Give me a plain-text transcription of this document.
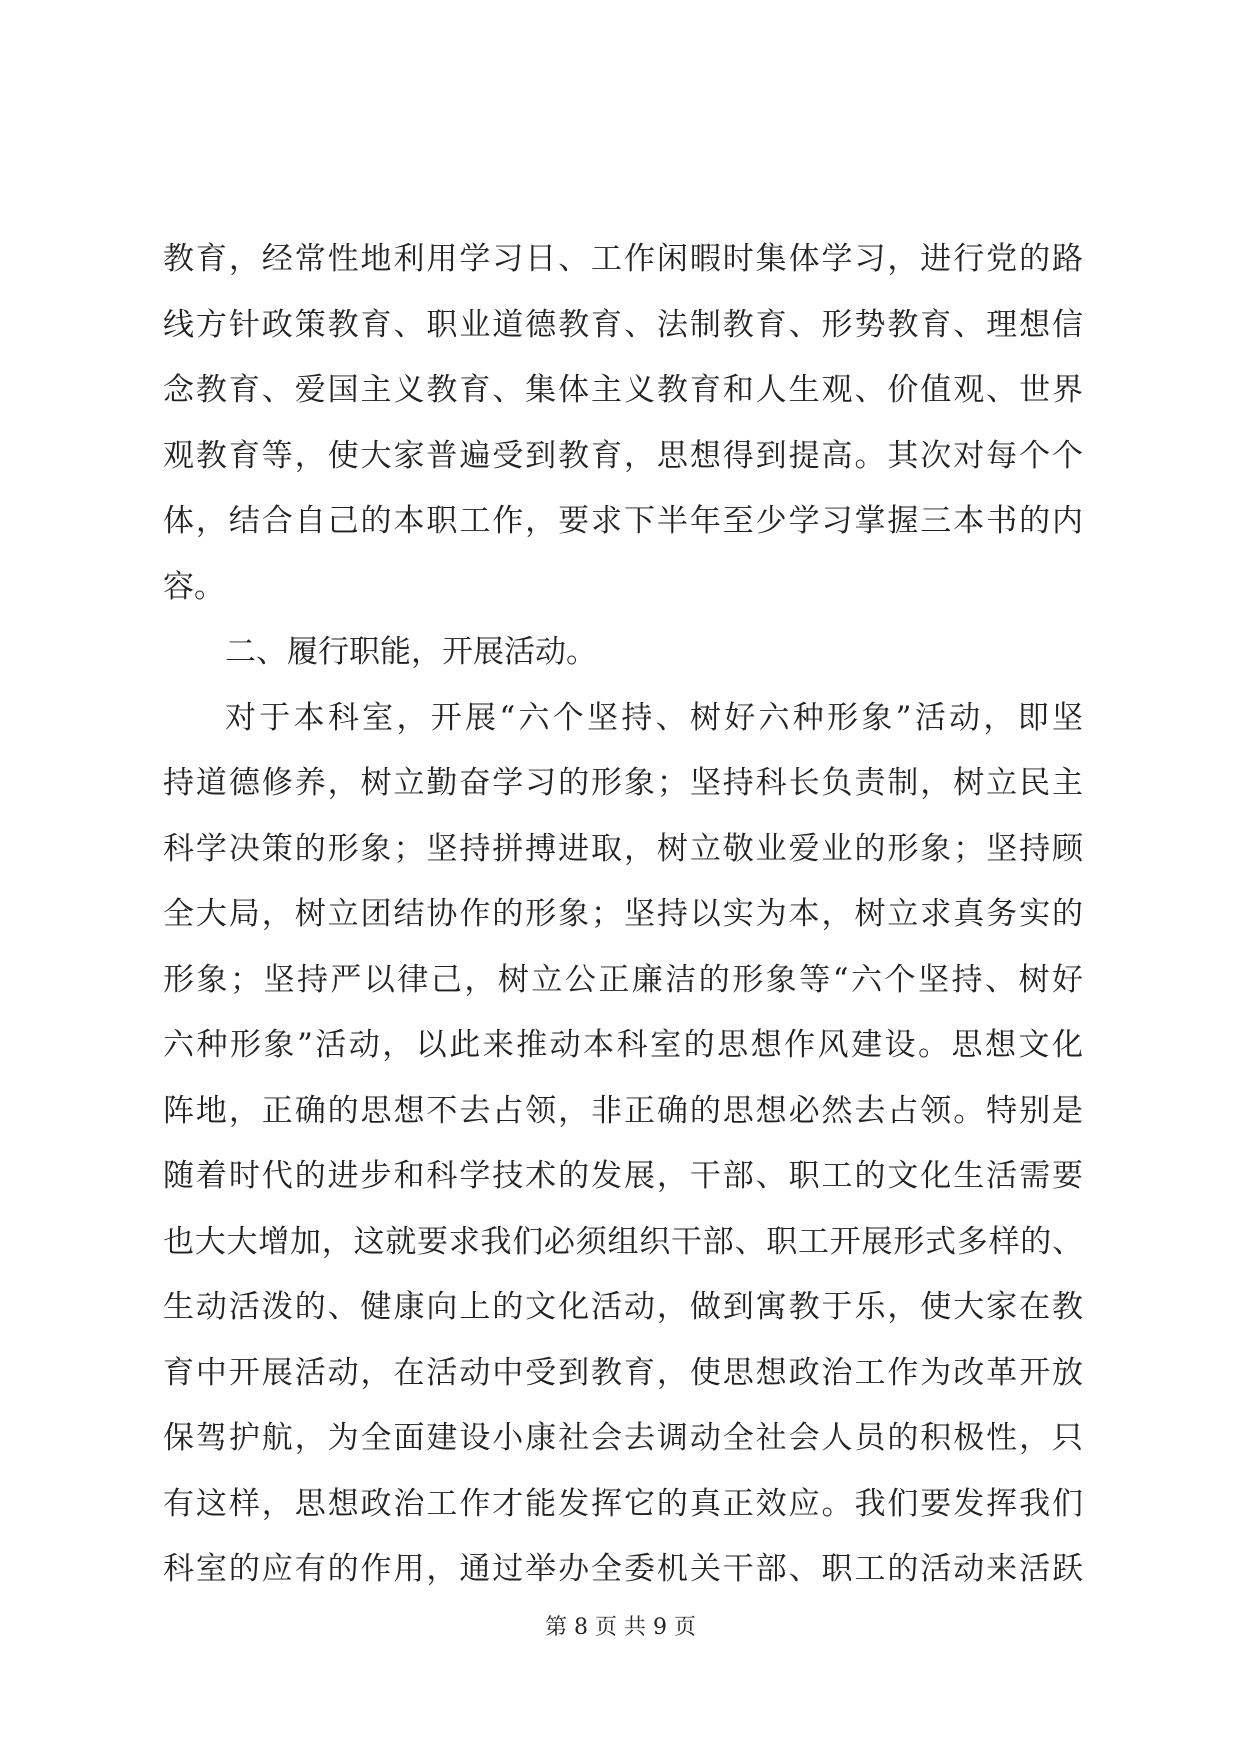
教育，经常性地利用学习日、工作闲暇时集体学习，进行党的路
线方针政策教育、职业道德教育、法制教育、形势教育、理想信
念教育、爱国主义教育、集体主义教育和人生观、价值观、世界
观教育等，使大家普遍受到教育，思想得到提高。其次对每个个
体，结合自己的本职工作，要求下半年至少学习掌握三本书的内
容。
二、履行职能，开展活动。
对于本科室，开展“六个坚持、树好六种形象”活动，即坚
持道德修养，树立勤奋学习的形象；坚持科长负责制，树立民主
科学决策的形象；坚持拼搏进取，树立敬业爱业的形象；坚持顾
全大局，树立团结协作的形象；坚持以实为本，树立求真务实的
形象；坚持严以律己，树立公正廉洁的形象等“六个坚持、树好
六种形象”活动，以此来推动本科室的思想作风建设。思想文化
阵地，正确的思想不去占领，非正确的思想必然去占领。特别是
随着时代的进步和科学技术的发展，干部、职工的文化生活需要
也大大增加，这就要求我们必须组织干部、职工开展形式多样的、
生动活泼的、健康向上的文化活动，做到寓教于乐，使大家在教
育中开展活动，在活动中受到教育，使思想政治工作为改革开放
保驾护航，为全面建设小康社会去调动全社会人员的积极性，只
有这样，思想政治工作才能发挥它的真正效应。我们要发挥我们
科室的应有的作用，通过举办全委机关干部、职工的活动来活跃
第 8 页 共 9 页
